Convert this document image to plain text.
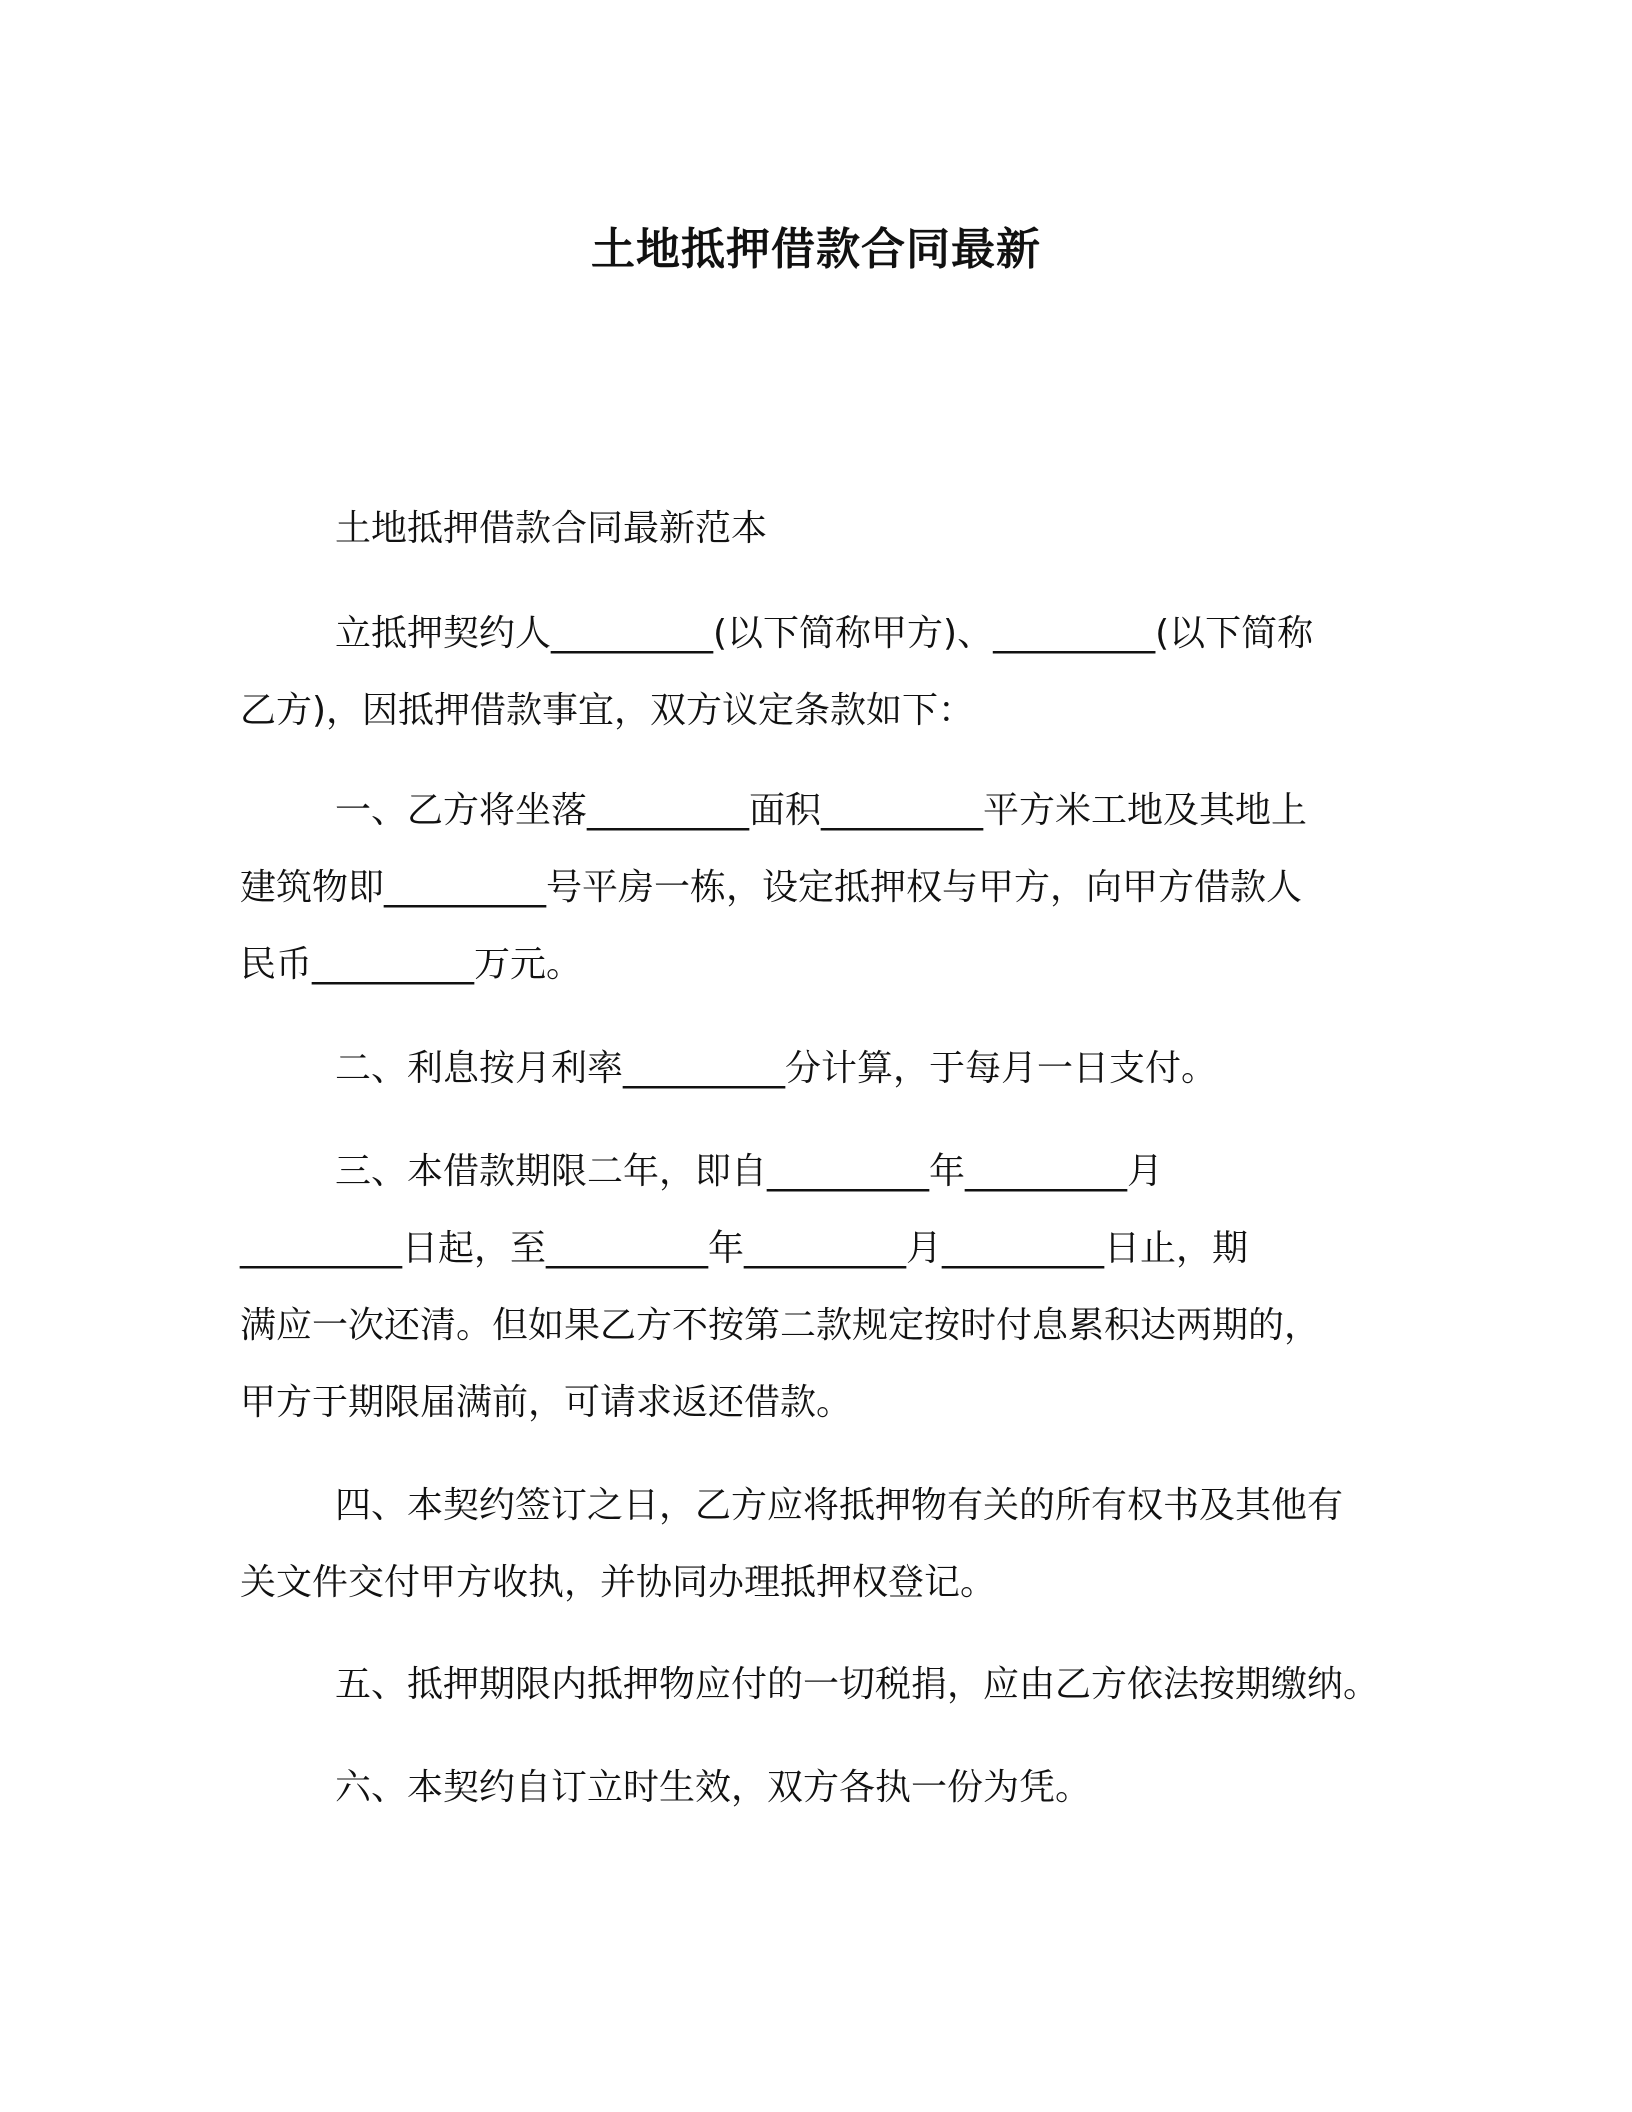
土地抵押借款合同最新
土地抵押借款合同最新范本
立抵押契约人_________(以下简称甲方)、_________(以下简称
乙方)，因抵押借款事宜，双方议定条款如下：
一、乙方将坐落_________面积_________平方米工地及其地上
建筑物即_________号平房一栋，设定抵押权与甲方，向甲方借款人
民币_________万元。
二、利息按月利率_________分计算，于每月一日支付。
三、本借款期限二年，即自_________年_________月
_________日起，至_________年_________月_________日止，期
满应一次还清。但如果乙方不按第二款规定按时付息累积达两期的，
甲方于期限届满前，可请求返还借款。
四、本契约签订之日，乙方应将抵押物有关的所有权书及其他有
关文件交付甲方收执，并协同办理抵押权登记。
五、抵押期限内抵押物应付的一切税捐，应由乙方依法按期缴纳。
六、本契约自订立时生效，双方各执一份为凭。
